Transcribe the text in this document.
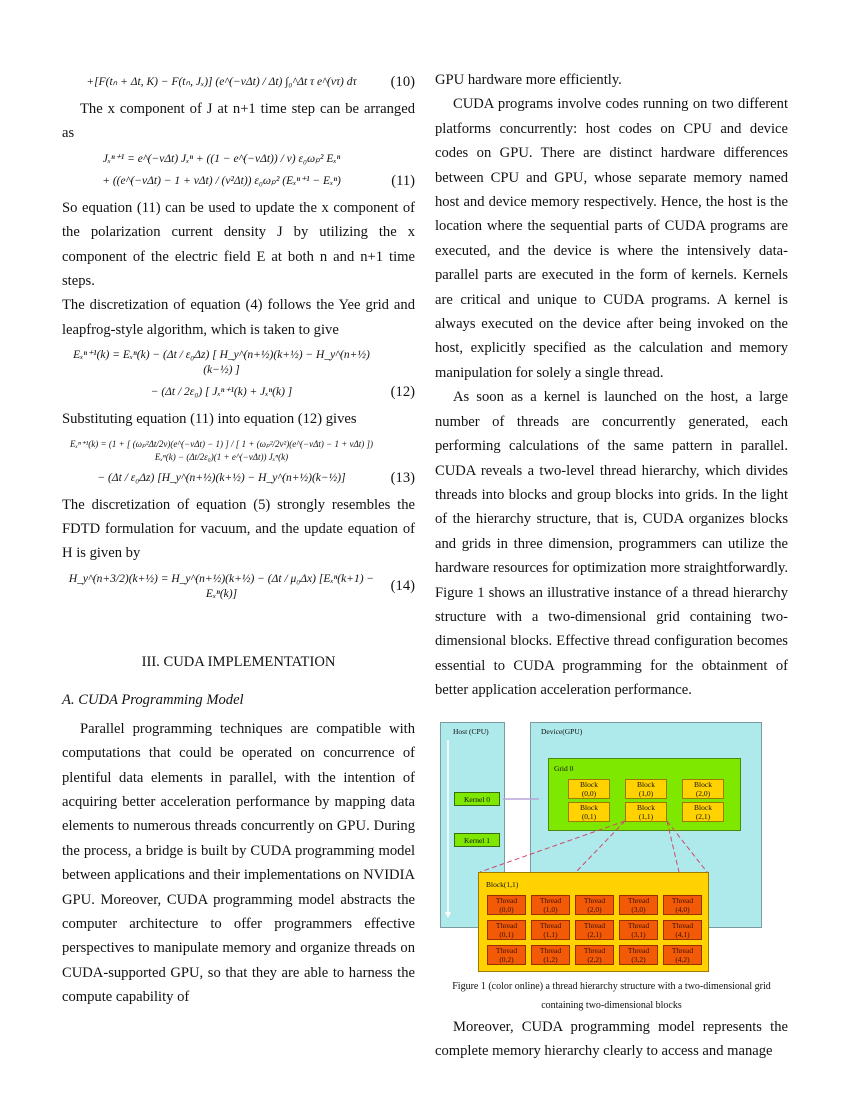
+[F(tₙ + Δt, K) − F(tₙ, Jₓ)] (e^(−νΔt) / Δt) ∫₀^Δt τ e^(ντ) dτ	(10)

The x component of J at n+1 time step can be arranged as

Jₓⁿ⁺¹ = e^(−νΔt) Jₓⁿ + ((1 − e^(−νΔt)) / ν) ε₀ωₚ² Eₓⁿ
+ ((e^(−νΔt) − 1 + νΔt) / (ν²Δt)) ε₀ωₚ² (Eₓⁿ⁺¹ − Eₓⁿ)	(11)

So equation (11) can be used to update the x component of the polarization current density J by utilizing the x component of the electric field E at both n and n+1 time steps.

The discretization of equation (4) follows the Yee grid and leapfrog-style algorithm, which is taken to give

Eₓⁿ⁺¹(k) = Eₓⁿ(k) − (Δt / ε₀Δz) [ H_y^(n+½)(k+½) − H_y^(n+½)(k−½) ]
− (Δt / 2ε₀) [ Jₓⁿ⁺¹(k) + Jₓⁿ(k) ]	(12)

Substituting equation (11) into equation (12) gives

Eₓⁿ⁺¹(k) = (1 + [ (ωₚ²Δt/2ν)(e^(−νΔt) − 1) ] / [ 1 + (ωₚ²/2ν²)(e^(−νΔt) − 1 + νΔt) ]) Eₓⁿ(k) − (Δt/2ε₀)(1 + e^(−νΔt)) Jₓⁿ(k)
− (Δt / ε₀Δz) [H_y^(n+½)(k+½) − H_y^(n+½)(k−½)]	(13)

The discretization of equation (5) strongly resembles the FDTD formulation for vacuum, and the update equation of H is given by

H_y^(n+3/2)(k+½) = H_y^(n+½)(k+½) − (Δt / μ₀Δx) [Eₓⁿ(k+1) − Eₓⁿ(k)]	(14)
III. CUDA IMPLEMENTATION
A. CUDA Programming Model

Parallel programming techniques are compatible with computations that could be operated on concurrence of plentiful data elements in parallel, with the intention of acquiring better acceleration performance by mapping data elements to numerous threads concurrently on GPU. During the process, a bridge is built by CUDA programming model between applications and their implementations on NVIDIA GPU. Moreover, CUDA programming model abstracts the computer architecture to offer programmers effective perspectives to manipulate memory and organize threads on CUDA-supported GPU, so that they are able to harness the compute capability of

GPU hardware more efficiently.

CUDA programs involve codes running on two different platforms concurrently: host codes on CPU and device codes on GPU. There are distinct hardware differences between CPU and GPU, whose separate memory named host and device memory respectively. Hence, the host is the location where the sequential parts of CUDA programs are executed, and the device is where the intensively data-parallel parts are executed in the form of kernels. Kernels are critical and unique to CUDA programs. A kernel is always executed on the device after being invoked on the host, explicitly specified as the calculation and memory manipulation for solely a single thread.

As soon as a kernel is launched on the host, a large number of threads are concurrently generated, each performing calculations of the same pattern in parallel. CUDA reveals a two-level thread hierarchy, which divides threads into blocks and group blocks into grids. In the light of the hierarchy structure, that is, CUDA organizes blocks and grids in three dimension, programmers can utilize the hardware resources for optimization more straightforwardly. Figure 1 shows an illustrative instance of a thread hierarchy structure with a two-dimensional grid containing two-dimensional blocks. Effective thread configuration becomes essential to CUDA programming for the obtainment of better application acceleration performance.

Host (CPU)	Device(GPU)
Grid 0
Kernel 0
Kernel 1
Block
(0,0)
Block
(1,0)
Block
(2,0)
Block
(0,1)
Block
(1,1)
Block
(2,1)
Block(1,1)
Thread
(0,0)
Thread
(1,0)
Thread
(2,0)
Thread
(3,0)
Thread
(4,0)
Thread
(0,1)
Thread
(1,1)
Thread
(2,1)
Thread
(3,1)
Thread
(4,1)
Thread
(0,2)
Thread
(1,2)
Thread
(2,2)
Thread
(3,2)
Thread
(4,2)
Figure 1 (color online) a thread hierarchy structure with a two-dimensional grid
containing two-dimensional blocks

Moreover, CUDA programming model represents the complete memory hierarchy clearly to access and manage
